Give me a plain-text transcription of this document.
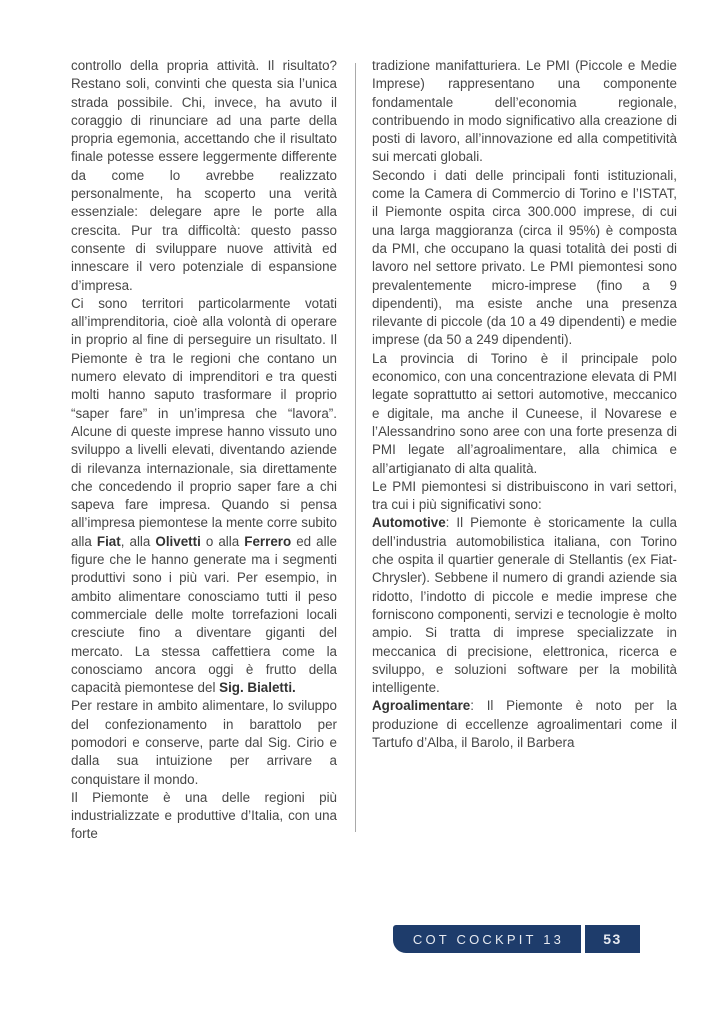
controllo della propria attività. Il risultato? Restano soli, convinti che questa sia l’unica strada possibile. Chi, invece, ha avuto il coraggio di rinunciare ad una parte della propria egemonia, accettando che il risultato finale potesse essere leggermente differente da come lo avrebbe realizzato personalmente, ha scoperto una verità essenziale: delegare apre le porte alla crescita. Pur tra difficoltà: questo passo consente di sviluppare nuove attività ed innescare il vero potenziale di espansione d’impresa.

Ci sono territori particolarmente votati all’imprenditoria, cioè alla volontà di operare in proprio al fine di perseguire un risultato. Il Piemonte è tra le regioni che contano un numero elevato di imprenditori e tra questi molti hanno saputo trasformare il proprio “saper fare” in un’impresa che “lavora”. Alcune di queste imprese hanno vissuto uno sviluppo a livelli elevati, diventando aziende di rilevanza internazionale, sia direttamente che concedendo il proprio saper fare a chi sapeva fare impresa. Quando si pensa all’impresa piemontese la mente corre subito alla Fiat, alla Olivetti o alla Ferrero ed alle figure che le hanno generate ma i segmenti produttivi sono i più vari. Per esempio, in ambito alimentare conosciamo tutti il peso commerciale delle molte torrefazioni locali cresciute fino a diventare giganti del mercato. La stessa caffettiera come la conosciamo ancora oggi è frutto della capacità piemontese del Sig. Bialetti.

Per restare in ambito alimentare, lo sviluppo del confezionamento in barattolo per pomodori e conserve, parte dal Sig. Cirio e dalla sua intuizione per arrivare a conquistare il mondo.

Il Piemonte è una delle regioni più industrializzate e produttive d’Italia, con una forte

tradizione manifatturiera. Le PMI (Piccole e Medie Imprese) rappresentano una componente fondamentale dell’economia regionale, contribuendo in modo significativo alla creazione di posti di lavoro, all’innovazione ed alla competitività sui mercati globali.

Secondo i dati delle principali fonti istituzionali, come la Camera di Commercio di Torino e l’ISTAT, il Piemonte ospita circa 300.000 imprese, di cui una larga maggioranza (circa il 95%) è composta da PMI, che occupano la quasi totalità dei posti di lavoro nel settore privato. Le PMI piemontesi sono prevalentemente micro-imprese (fino a 9 dipendenti), ma esiste anche una presenza rilevante di piccole (da 10 a 49 dipendenti) e medie imprese (da 50 a 249 dipendenti).

La provincia di Torino è il principale polo economico, con una concentrazione elevata di PMI legate soprattutto ai settori automotive, meccanico e digitale, ma anche il Cuneese, il Novarese e l’Alessandrino sono aree con una forte presenza di PMI legate all’agroalimentare, alla chimica e all’artigianato di alta qualità.

Le PMI piemontesi si distribuiscono in vari settori, tra cui i più significativi sono:

Automotive: Il Piemonte è storicamente la culla dell’industria automobilistica italiana, con Torino che ospita il quartier generale di Stellantis (ex Fiat-Chrysler). Sebbene il numero di grandi aziende sia ridotto, l’indotto di piccole e medie imprese che forniscono componenti, servizi e tecnologie è molto ampio. Si tratta di imprese specializzate in meccanica di precisione, elettronica, ricerca e sviluppo, e soluzioni software per la mobilità intelligente.

Agroalimentare: Il Piemonte è noto per la produzione di eccellenze agroalimentari come il Tartufo d’Alba, il Barolo, il Barbera

COT COCKPIT 13	53
